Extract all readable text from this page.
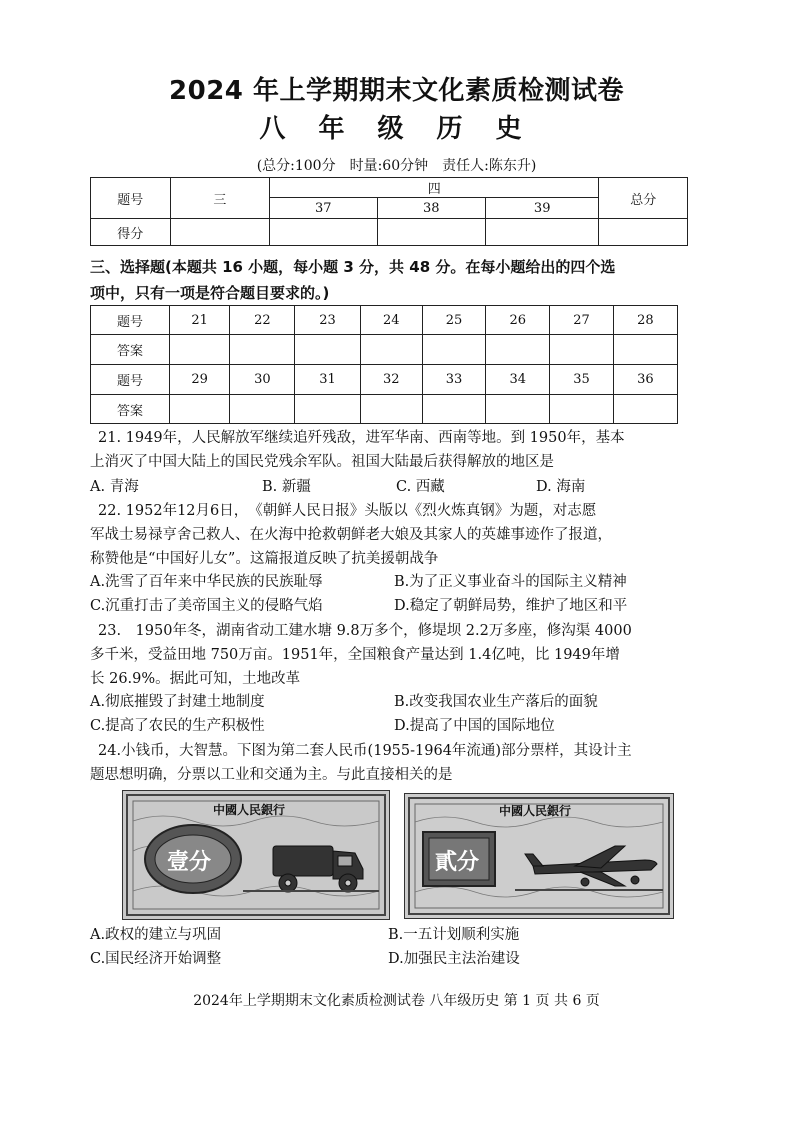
2024 年上学期期末文化素质检测试卷
八 年 级 历 史
(总分:100分　时量:60分钟　责任人:陈东升)
题号	三	四			总分
		37	38	39	
得分					
三、选择题(本题共 16 小题，每小题 3 分，共 48 分。在每小题给出的四个选
项中，只有一项是符合题目要求的。)
题号	21	22	23	24	25	26	27	28
答案								
题号	29	30	31	32	33	34	35	36
答案								
21. 1949年，人民解放军继续追歼残敌，进军华南、西南等地。到 1950年，基本
上消灭了中国大陆上的国民党残余军队。祖国大陆最后获得解放的地区是
A. 青海	B. 新疆	C. 西藏	D. 海南
22. 1952年12月6日，　《朝鲜人民日报》头版以《烈火炼真钢》为题，对志愿
军战士易禄亨舍己救人、在火海中抢救朝鲜老大娘及其家人的英雄事迹作了报道，
称赞他是“中国好儿女”。这篇报道反映了抗美援朝战争
A.洗雪了百年来中华民族的民族耻辱	B.为了正义事业奋斗的国际主义精神
C.沉重打击了美帝国主义的侵略气焰	D.稳定了朝鲜局势，维护了地区和平
23.　1950年冬，湖南省动工建水塘 9.8万多个，修堤坝 2.2万多座，修沟渠 4000
多千米，受益田地 750万亩。1951年，全国粮食产量达到 1.4亿吨，比 1949年增
长 26.9%。据此可知，土地改革
A.彻底摧毁了封建土地制度	B.改变我国农业生产落后的面貌
C.提高了农民的生产积极性	D.提高了中国的国际地位
24.小钱币，大智慧。下图为第二套人民币(1955-1964年流通)部分票样，其设计主
题思想明确，分票以工业和交通为主。与此直接相关的是
中國人民銀行
壹分
中國人民銀行
貳分
A.政权的建立与巩固	B.一五计划顺利实施
C.国民经济开始调整	D.加强民主法治建设
2024年上学期期末文化素质检测试卷 八年级历史 第 1 页 共 6 页
